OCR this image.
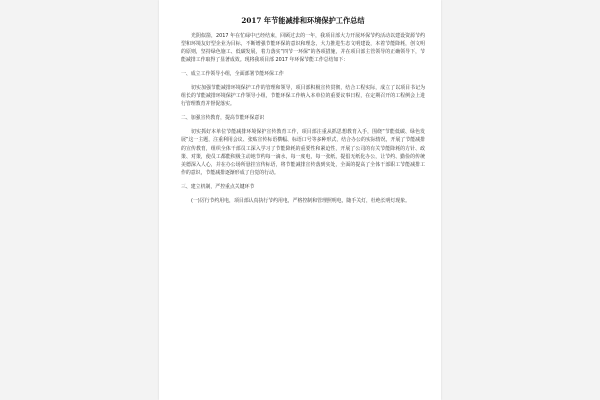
2017 年节能减排和环境保护工作总结

光阴似箭，2017 年在忙碌中已经结束，回顾过去的一年，我项目部大力开展环保节约活动以建设资源节约型和环境友好型企业为目标，不断增强节能环保的意识和理念，大力推进生态文明建设，本着节能降耗，创文明的原则，坚持绿色施工、低碳发展，着力落实“四节一环保”的各项措施，并在项目部主管领导的正确领导下，节能减排工作取得了显著成效。现将我项目部 2017 年环保节能工作总结如下：

一、成立工作领导小组，全面部署节能环保工作

切实加强节能减排环境保护工作的管理和领导，项目部积极宣传贯彻，结合工程实际，成立了以项目书记为组长的节能减排环境保护工作领导小组，节能环保工作纳入本单位的重要议事日程，在定期召开的工程例会上进行管理教育并督促落实。

二、加强宣传教育，提高节能环保意识

切实抓好本单位节能减排环境保护宣传教育工作，项目部注重从抓思想教育入手，围绕“节能低碳、绿色发展”这一主题，注重利用会议、张贴宣传标语横幅、标语口号等多种形式，结合办公的实际情况，开展了节能减排的宣传教育，组织全体干部员工深入学习了节能降耗的重要性和紧迫性，开展了公司的有关节能降耗的方针、政策、对策，使员工都能积极主动地节约每一滴水，每一度电，每一张纸，提倡无纸化办公，让节约、勤俭的传统美德深入人心，并在办公场所悬挂宣传标语，将节能减排宣传落到实处，全面的提高了全体干部职工节能减排工作的意识，节能减排逐渐形成了自觉的行动。

三、建立机制，严控重点关键环节

(一)厉行节约用电，项目部认真执行节约用电，严格控制和管理照明电，随手关灯，杜绝长明灯现象。
